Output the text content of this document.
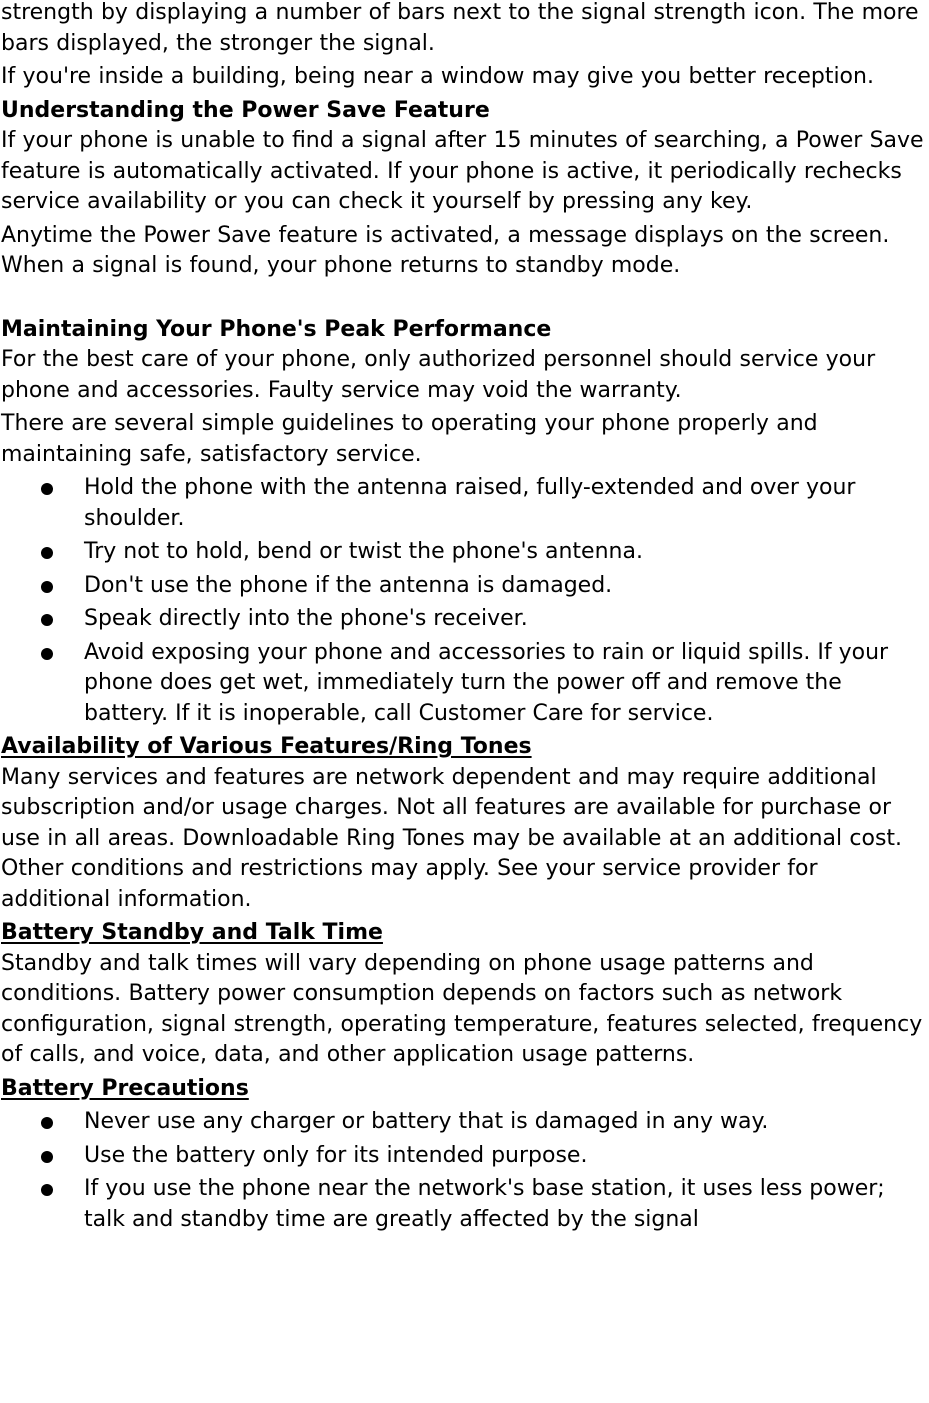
strength by displaying a number of bars next to the signal strength icon. The more bars displayed, the stronger the signal.

If you're inside a building, being near a window may give you better reception.

Understanding the Power Save Feature

If your phone is unable to find a signal after 15 minutes of searching, a Power Save feature is automatically activated. If your phone is active, it periodically rechecks service availability or you can check it yourself by pressing any key.

Anytime the Power Save feature is activated, a message displays on the screen. When a signal is found, your phone returns to standby mode.

Maintaining Your Phone's Peak Performance

For the best care of your phone, only authorized personnel should service your phone and accessories. Faulty service may void the warranty.

There are several simple guidelines to operating your phone properly and maintaining safe, satisfactory service.

Hold the phone with the antenna raised, fully-extended and over your shoulder.
Try not to hold, bend or twist the phone's antenna.
Don't use the phone if the antenna is damaged.
Speak directly into the phone's receiver.
Avoid exposing your phone and accessories to rain or liquid spills. If your phone does get wet, immediately turn the power off and remove the battery. If it is inoperable, call Customer Care for service.
Availability of Various Features/Ring Tones

Many services and features are network dependent and may require additional subscription and/or usage charges. Not all features are available for purchase or use in all areas. Downloadable Ring Tones may be available at an additional cost. Other conditions and restrictions may apply. See your service provider for additional information.

Battery Standby and Talk Time

Standby and talk times will vary depending on phone usage patterns and conditions. Battery power consumption depends on factors such as network configuration, signal strength, operating temperature, features selected, frequency of calls, and voice, data, and other application usage patterns.

Battery Precautions
Never use any charger or battery that is damaged in any way.
Use the battery only for its intended purpose.
If you use the phone near the network's base station, it uses less power; talk and standby time are greatly affected by the signal
